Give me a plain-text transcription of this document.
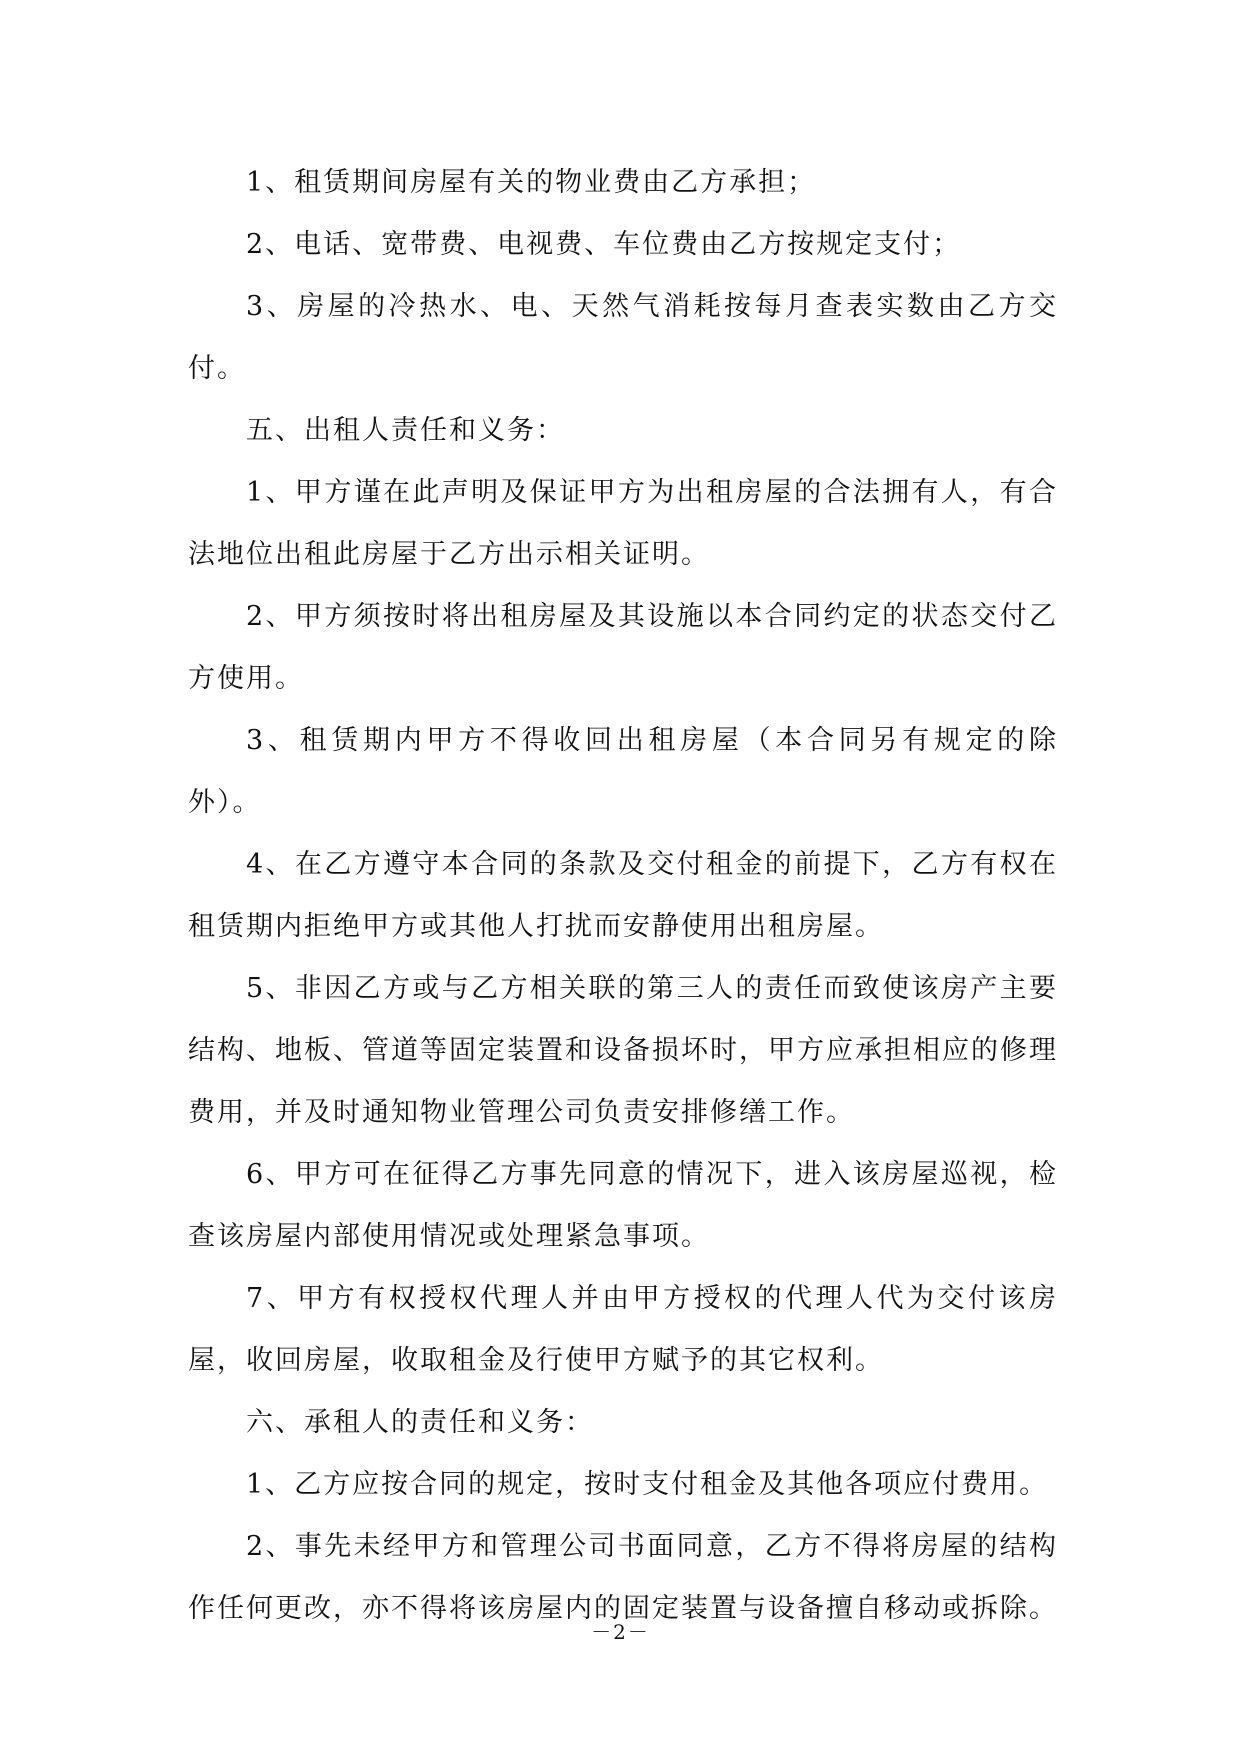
1、租赁期间房屋有关的物业费由乙方承担；

2、电话、宽带费、电视费、车位费由乙方按规定支付；

3、房屋的冷热水、电、天然气消耗按每月查表实数由乙方交付。

五、出租人责任和义务：

1、甲方谨在此声明及保证甲方为出租房屋的合法拥有人，有合法地位出租此房屋于乙方出示相关证明。

2、甲方须按时将出租房屋及其设施以本合同约定的状态交付乙方使用。

3、租赁期内甲方不得收回出租房屋（本合同另有规定的除外）。

4、在乙方遵守本合同的条款及交付租金的前提下，乙方有权在租赁期内拒绝甲方或其他人打扰而安静使用出租房屋。

5、非因乙方或与乙方相关联的第三人的责任而致使该房产主要结构、地板、管道等固定装置和设备损坏时，甲方应承担相应的修理费用，并及时通知物业管理公司负责安排修缮工作。

6、甲方可在征得乙方事先同意的情况下，进入该房屋巡视，检查该房屋内部使用情况或处理紧急事项。

7、甲方有权授权代理人并由甲方授权的代理人代为交付该房屋，收回房屋，收取租金及行使甲方赋予的其它权利。

六、承租人的责任和义务：

1、乙方应按合同的规定，按时支付租金及其他各项应付费用。

2、事先未经甲方和管理公司书面同意，乙方不得将房屋的结构作任何更改，亦不得将该房屋内的固定装置与设备擅自移动或拆除。

－2－
